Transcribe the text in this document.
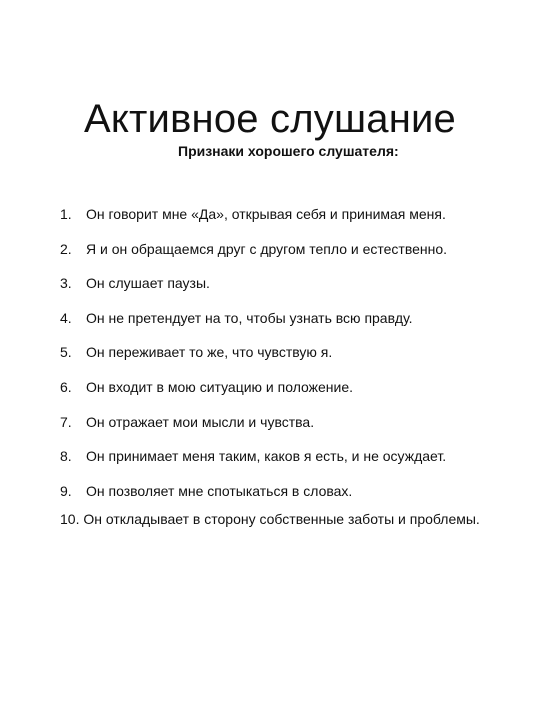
Активное слушание
Признаки хорошего слушателя:
1. Он говорит мне «Да», открывая себя и принимая меня.
2. Я и он обращаемся друг с другом тепло и естественно.
3. Он слушает паузы.
4. Он не претендует на то, чтобы узнать всю правду.
5. Он переживает то же, что чувствую я.
6. Он входит в мою ситуацию и положение.
7. Он отражает мои мысли и чувства.
8. Он принимает меня таким, каков я есть, и не осуждает.
9. Он позволяет мне спотыкаться в словах.
10. Он откладывает в сторону собственные заботы и проблемы.
